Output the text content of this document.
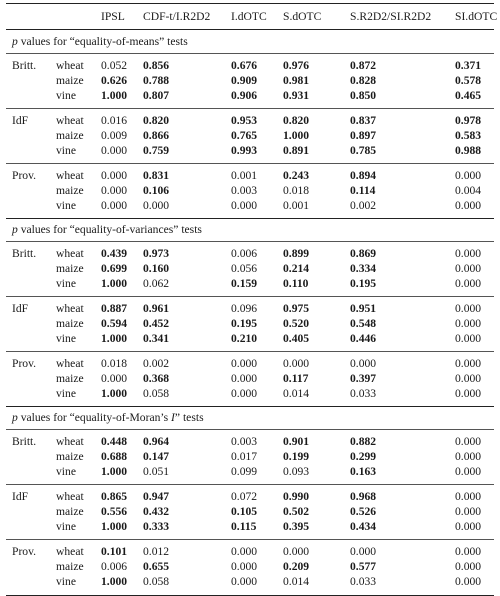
IPSL CDF-t/I.R2D2 I.dOTC S.dOTC S.R2D2/SI.R2D2 SI.dOTC
p values for “equality-of-means” tests
Britt. wheat 0.052 0.856	0.676 0.976	0.872	0.371
maize 0.626 0.788	0.909 0.981	0.828	0.578
vine 1.000 0.807	0.906 0.931	0.850	0.465
IdF wheat 0.016 0.820	0.953 0.820	0.837	0.978
maize 0.009 0.866	0.765 1.000	0.897	0.583
vine 0.000 0.759	0.993 0.891	0.785	0.988
Prov. wheat 0.000 0.831	0.001 0.243	0.894	0.000
maize 0.000 0.106	0.003 0.018	0.114	0.004
vine 0.000 0.000	0.000 0.001	0.002	0.000
p values for “equality-of-variances” tests
Britt. wheat 0.439 0.973	0.006 0.899	0.869	0.000
maize 0.699 0.160	0.056 0.214	0.334	0.000
vine 1.000 0.062	0.159 0.110	0.195	0.000
IdF wheat 0.887 0.961	0.096 0.975	0.951	0.000
maize 0.594 0.452	0.195 0.520	0.548	0.000
vine 1.000 0.341	0.210 0.405	0.446	0.000
Prov. wheat 0.018 0.002	0.000 0.000	0.000	0.000
maize 0.000 0.368	0.000 0.117	0.397	0.000
vine 1.000 0.058	0.000 0.014	0.033	0.000
p values for “equality-of-Moran’s I” tests
Britt. wheat 0.448 0.964	0.003 0.901	0.882	0.000
maize 0.688 0.147	0.017 0.199	0.299	0.000
vine 1.000 0.051	0.099 0.093	0.163	0.000
IdF wheat 0.865 0.947	0.072 0.990	0.968	0.000
maize 0.556 0.432	0.105 0.502	0.526	0.000
vine 1.000 0.333	0.115 0.395	0.434	0.000
Prov. wheat 0.101 0.012	0.000 0.000	0.000	0.000
maize 0.006 0.655	0.000 0.209	0.577	0.000
vine 1.000 0.058	0.000 0.014	0.033	0.000
